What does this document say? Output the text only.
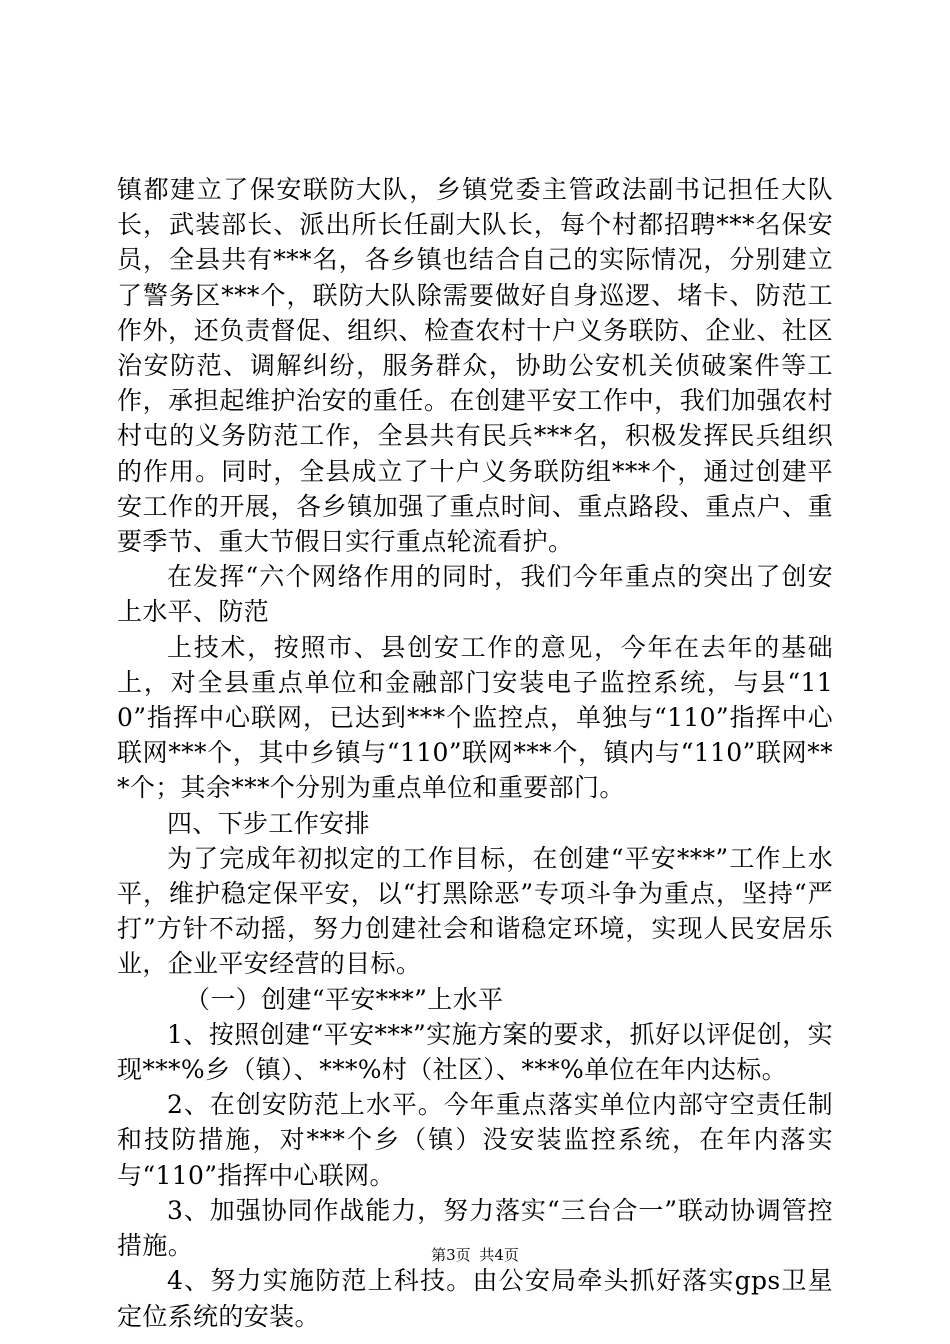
镇都建立了保安联防大队，乡镇党委主管政法副书记担任大队长，武装部长、派出所长任副大队长，每个村都招聘***名保安员，全县共有***名，各乡镇也结合自己的实际情况，分别建立了警务区***个，联防大队除需要做好自身巡逻、堵卡、防范工作外，还负责督促、组织、检查农村十户义务联防、企业、社区治安防范、调解纠纷，服务群众，协助公安机关侦破案件等工作，承担起维护治安的重任。在创建平安工作中，我们加强农村村屯的义务防范工作，全县共有民兵***名，积极发挥民兵组织的作用。同时，全县成立了十户义务联防组***个，通过创建平安工作的开展，各乡镇加强了重点时间、重点路段、重点户、重要季节、重大节假日实行重点轮流看护。

在发挥“六个网络作用的同时，我们今年重点的突出了创安上水平、防范

上技术，按照市、县创安工作的意见，今年在去年的基础上，对全县重点单位和金融部门安装电子监控系统，与县“110”指挥中心联网，已达到***个监控点，单独与“110”指挥中心联网***个，其中乡镇与“110”联网***个，镇内与“110”联网***个；其余***个分别为重点单位和重要部门。

四、下步工作安排

为了完成年初拟定的工作目标，在创建“平安***”工作上水平，维护稳定保平安，以“打黑除恶”专项斗争为重点，坚持“严打”方针不动摇，努力创建社会和谐稳定环境，实现人民安居乐业，企业平安经营的目标。

（一）创建“平安***”上水平

1、按照创建“平安***”实施方案的要求，抓好以评促创，实现***%乡（镇）、***%村（社区）、***%单位在年内达标。

2、在创安防范上水平。今年重点落实单位内部守空责任制和技防措施，对***个乡（镇）没安装监控系统，在年内落实与“110”指挥中心联网。

3、加强协同作战能力，努力落实“三台合一”联动协调管控措施。

4、努力实施防范上科技。由公安局牵头抓好落实gps卫星定位系统的安装。

第3页 共4页
